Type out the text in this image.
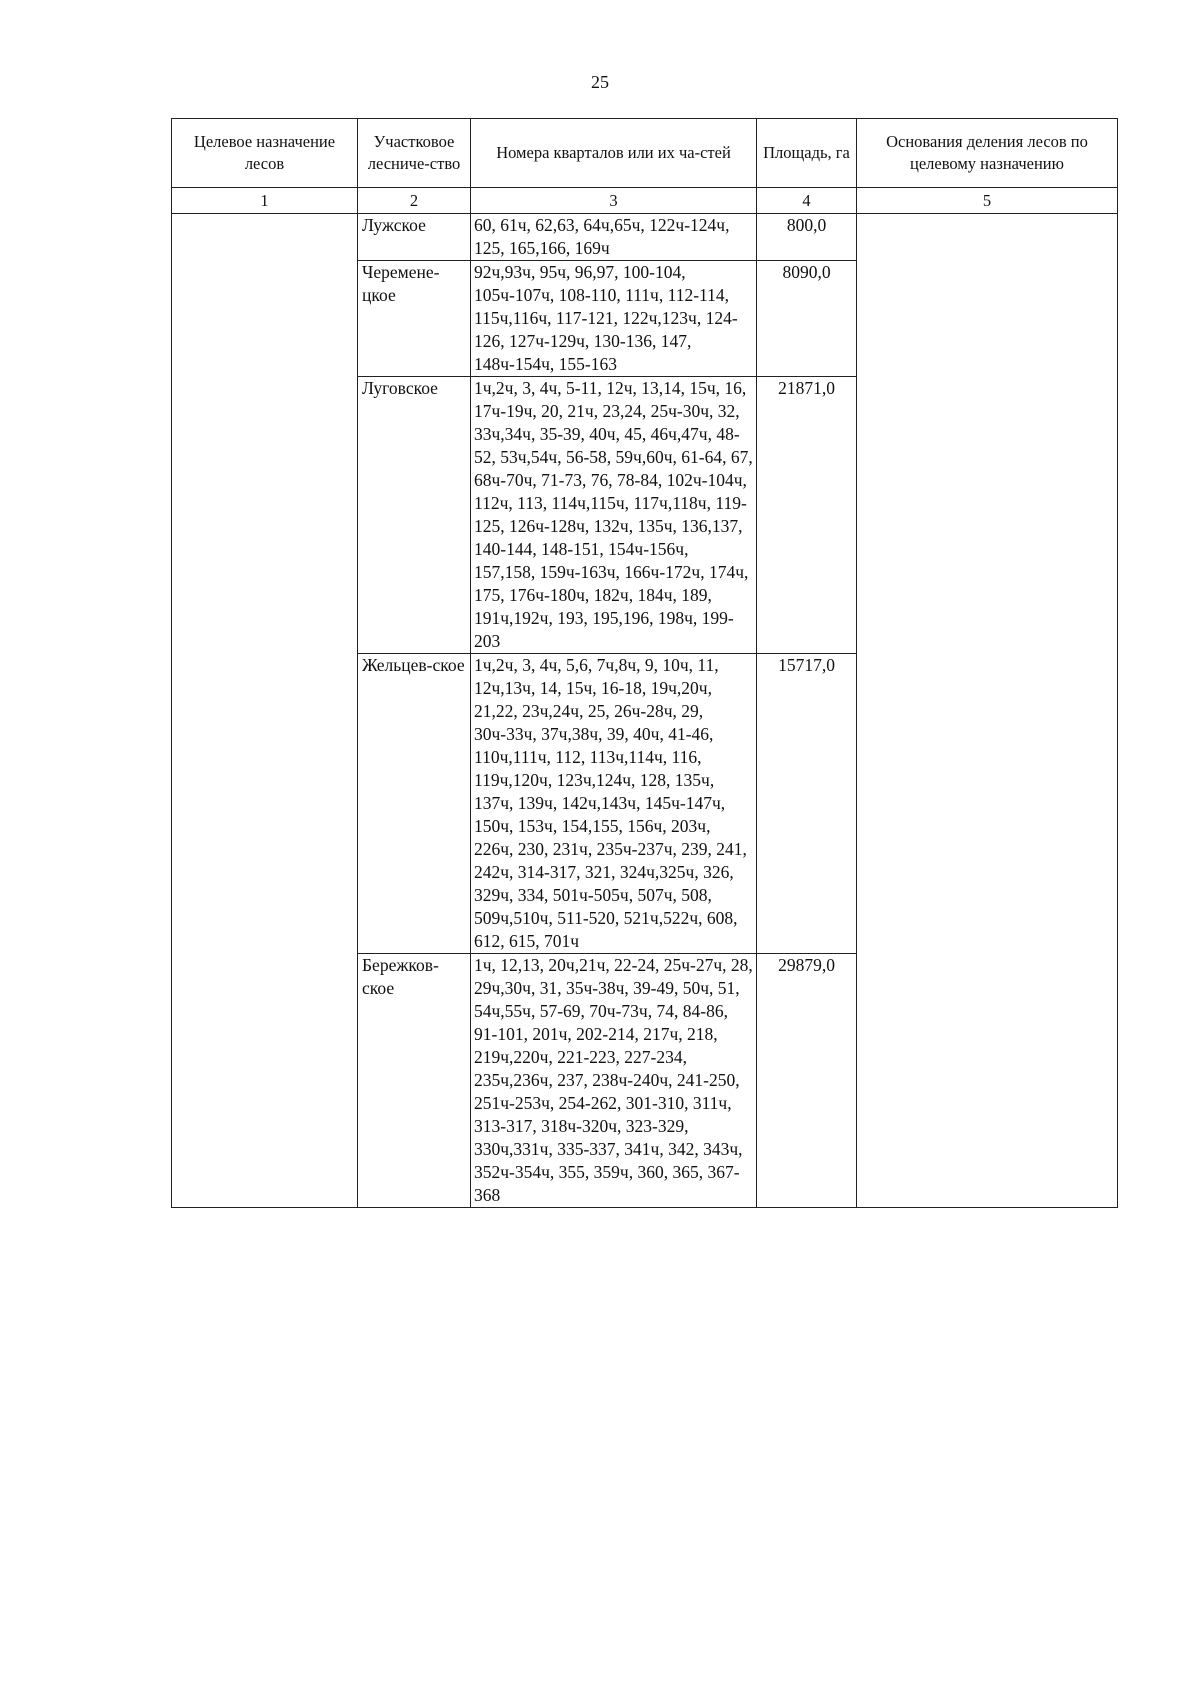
25
Целевое назначение лесов	Участковое лесниче-ство	Номера кварталов или их ча-стей	Площадь, га	Основания деления лесов по целевому назначению
1	2	3	4	5
	Лужское	60, 61ч, 62,63, 64ч,65ч, 122ч-124ч, 125, 165,166, 169ч	800,0	
	Черемене-цкое	92ч,93ч, 95ч, 96,97, 100-104, 105ч-107ч, 108-110, 111ч, 112-114, 115ч,116ч, 117-121, 122ч,123ч, 124-126, 127ч-129ч, 130-136, 147, 148ч-154ч, 155-163	8090,0	
	Луговское	1ч,2ч, 3, 4ч, 5-11, 12ч, 13,14, 15ч, 16, 17ч-19ч, 20, 21ч, 23,24, 25ч-30ч, 32, 33ч,34ч, 35-39, 40ч, 45, 46ч,47ч, 48-52, 53ч,54ч, 56-58, 59ч,60ч, 61-64, 67, 68ч-70ч, 71-73, 76, 78-84, 102ч-104ч, 112ч, 113, 114ч,115ч, 117ч,118ч, 119-125, 126ч-128ч, 132ч, 135ч, 136,137, 140-144, 148-151, 154ч-156ч, 157,158, 159ч-163ч, 166ч-172ч, 174ч, 175, 176ч-180ч, 182ч, 184ч, 189, 191ч,192ч, 193, 195,196, 198ч, 199-203	21871,0	
	Жельцев-ское	1ч,2ч, 3, 4ч, 5,6, 7ч,8ч, 9, 10ч, 11, 12ч,13ч, 14, 15ч, 16-18, 19ч,20ч, 21,22, 23ч,24ч, 25, 26ч-28ч, 29, 30ч-33ч, 37ч,38ч, 39, 40ч, 41-46, 110ч,111ч, 112, 113ч,114ч, 116, 119ч,120ч, 123ч,124ч, 128, 135ч, 137ч, 139ч, 142ч,143ч, 145ч-147ч, 150ч, 153ч, 154,155, 156ч, 203ч, 226ч, 230, 231ч, 235ч-237ч, 239, 241, 242ч, 314-317, 321, 324ч,325ч, 326, 329ч, 334, 501ч-505ч, 507ч, 508, 509ч,510ч, 511-520, 521ч,522ч, 608, 612, 615, 701ч	15717,0	
	Бережков-ское	1ч, 12,13, 20ч,21ч, 22-24, 25ч-27ч, 28, 29ч,30ч, 31, 35ч-38ч, 39-49, 50ч, 51, 54ч,55ч, 57-69, 70ч-73ч, 74, 84-86, 91-101, 201ч, 202-214, 217ч, 218, 219ч,220ч, 221-223, 227-234, 235ч,236ч, 237, 238ч-240ч, 241-250, 251ч-253ч, 254-262, 301-310, 311ч, 313-317, 318ч-320ч, 323-329, 330ч,331ч, 335-337, 341ч, 342, 343ч, 352ч-354ч, 355, 359ч, 360, 365, 367-368	29879,0	
